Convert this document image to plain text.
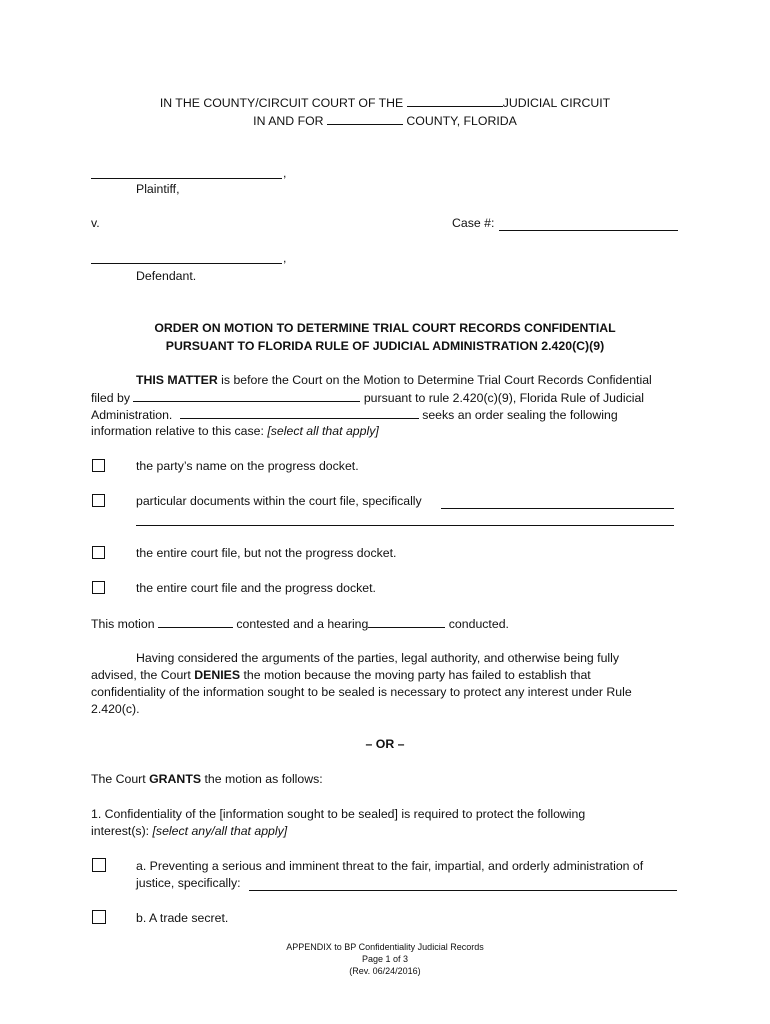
IN THE COUNTY/CIRCUIT COURT OF THE	JUDICIAL CIRCUIT
IN AND FOR	COUNTY, FLORIDA
,
Plaintiff,
v.	Case #:
,
Defendant.
ORDER ON MOTION TO DETERMINE TRIAL COURT RECORDS CONFIDENTIAL
PURSUANT TO FLORIDA RULE OF JUDICIAL ADMINISTRATION 2.420(C)(9)
THIS MATTER is before the Court on the Motion to Determine Trial Court Records Confidential
filed by	pursuant to rule 2.420(c)(9), Florida Rule of Judicial
Administration.	seeks an order sealing the following
information relative to this case: [select all that apply]
the party’s name on the progress docket.
particular documents within the court file, specifically
the entire court file, but not the progress docket.
the entire court file and the progress docket.
This motion	contested and a hearing	conducted.
Having considered the arguments of the parties, legal authority, and otherwise being fully
advised, the Court DENIES the motion because the moving party has failed to establish that
confidentiality of the information sought to be sealed is necessary to protect any interest under Rule
2.420(c).
– OR –
The Court GRANTS the motion as follows:
1. Confidentiality of the [information sought to be sealed] is required to protect the following
interest(s): [select any/all that apply]
a. Preventing a serious and imminent threat to the fair, impartial, and orderly administration of
justice, specifically:
b. A trade secret.
APPENDIX to BP Confidentiality Judicial Records
Page 1 of 3
(Rev. 06/24/2016)
